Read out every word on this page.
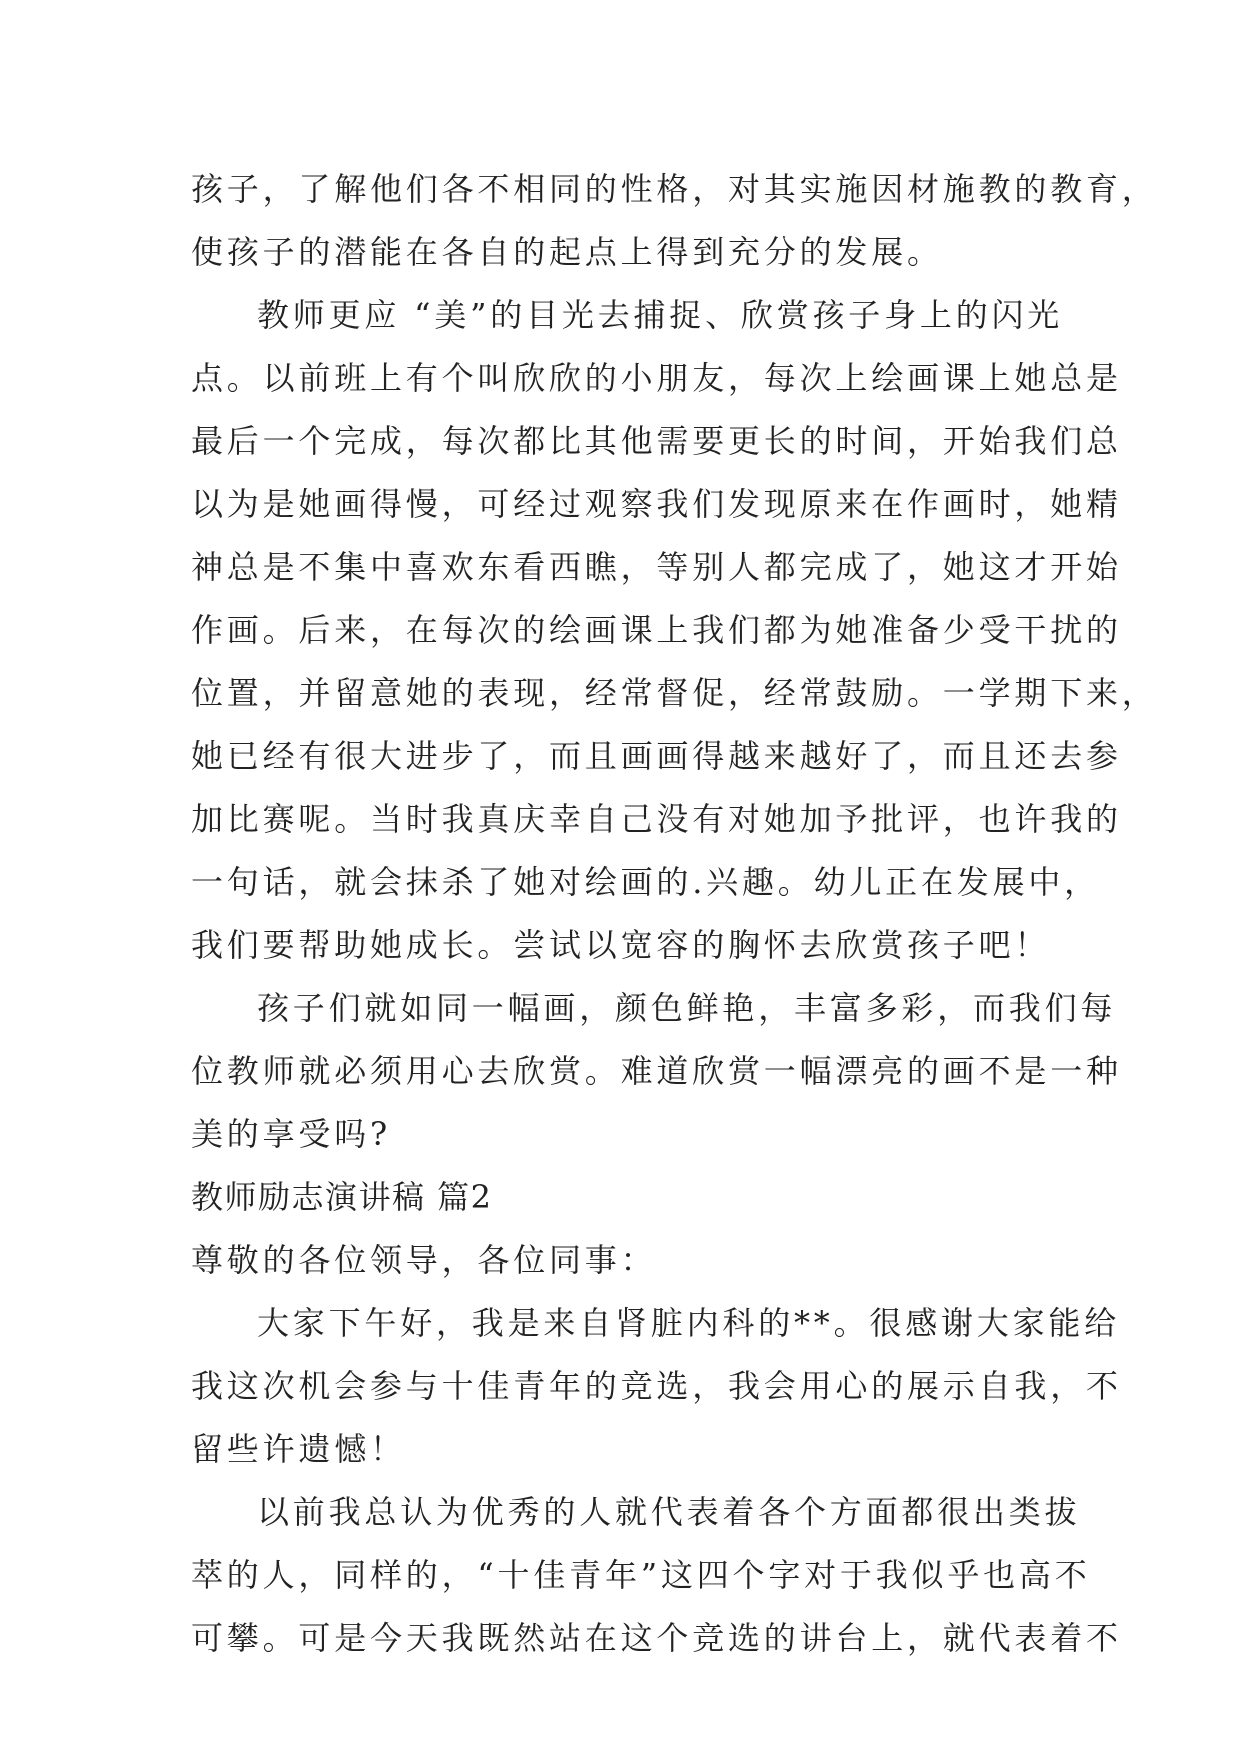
孩子，了解他们各不相同的性格，对其实施因材施教的教育，
使孩子的潜能在各自的起点上得到充分的发展。
教师更应 “美”的目光去捕捉、欣赏孩子身上的闪光
点。以前班上有个叫欣欣的小朋友，每次上绘画课上她总是
最后一个完成，每次都比其他需要更长的时间，开始我们总
以为是她画得慢，可经过观察我们发现原来在作画时，她精
神总是不集中喜欢东看西瞧，等别人都完成了，她这才开始
作画。后来，在每次的绘画课上我们都为她准备少受干扰的
位置，并留意她的表现，经常督促，经常鼓励。一学期下来，
她已经有很大进步了，而且画画得越来越好了，而且还去参
加比赛呢。当时我真庆幸自己没有对她加予批评，也许我的
一句话，就会抹杀了她对绘画的.兴趣。幼儿正在发展中，
我们要帮助她成长。尝试以宽容的胸怀去欣赏孩子吧！
孩子们就如同一幅画，颜色鲜艳，丰富多彩，而我们每
位教师就必须用心去欣赏。难道欣赏一幅漂亮的画不是一种
美的享受吗?
教师励志演讲稿 篇2
尊敬的各位领导，各位同事：
大家下午好，我是来自肾脏内科的**。很感谢大家能给
我这次机会参与十佳青年的竞选，我会用心的展示自我，不
留些许遗憾！
以前我总认为优秀的人就代表着各个方面都很出类拔
萃的人，同样的，“十佳青年”这四个字对于我似乎也高不
可攀。可是今天我既然站在这个竞选的讲台上，就代表着不
